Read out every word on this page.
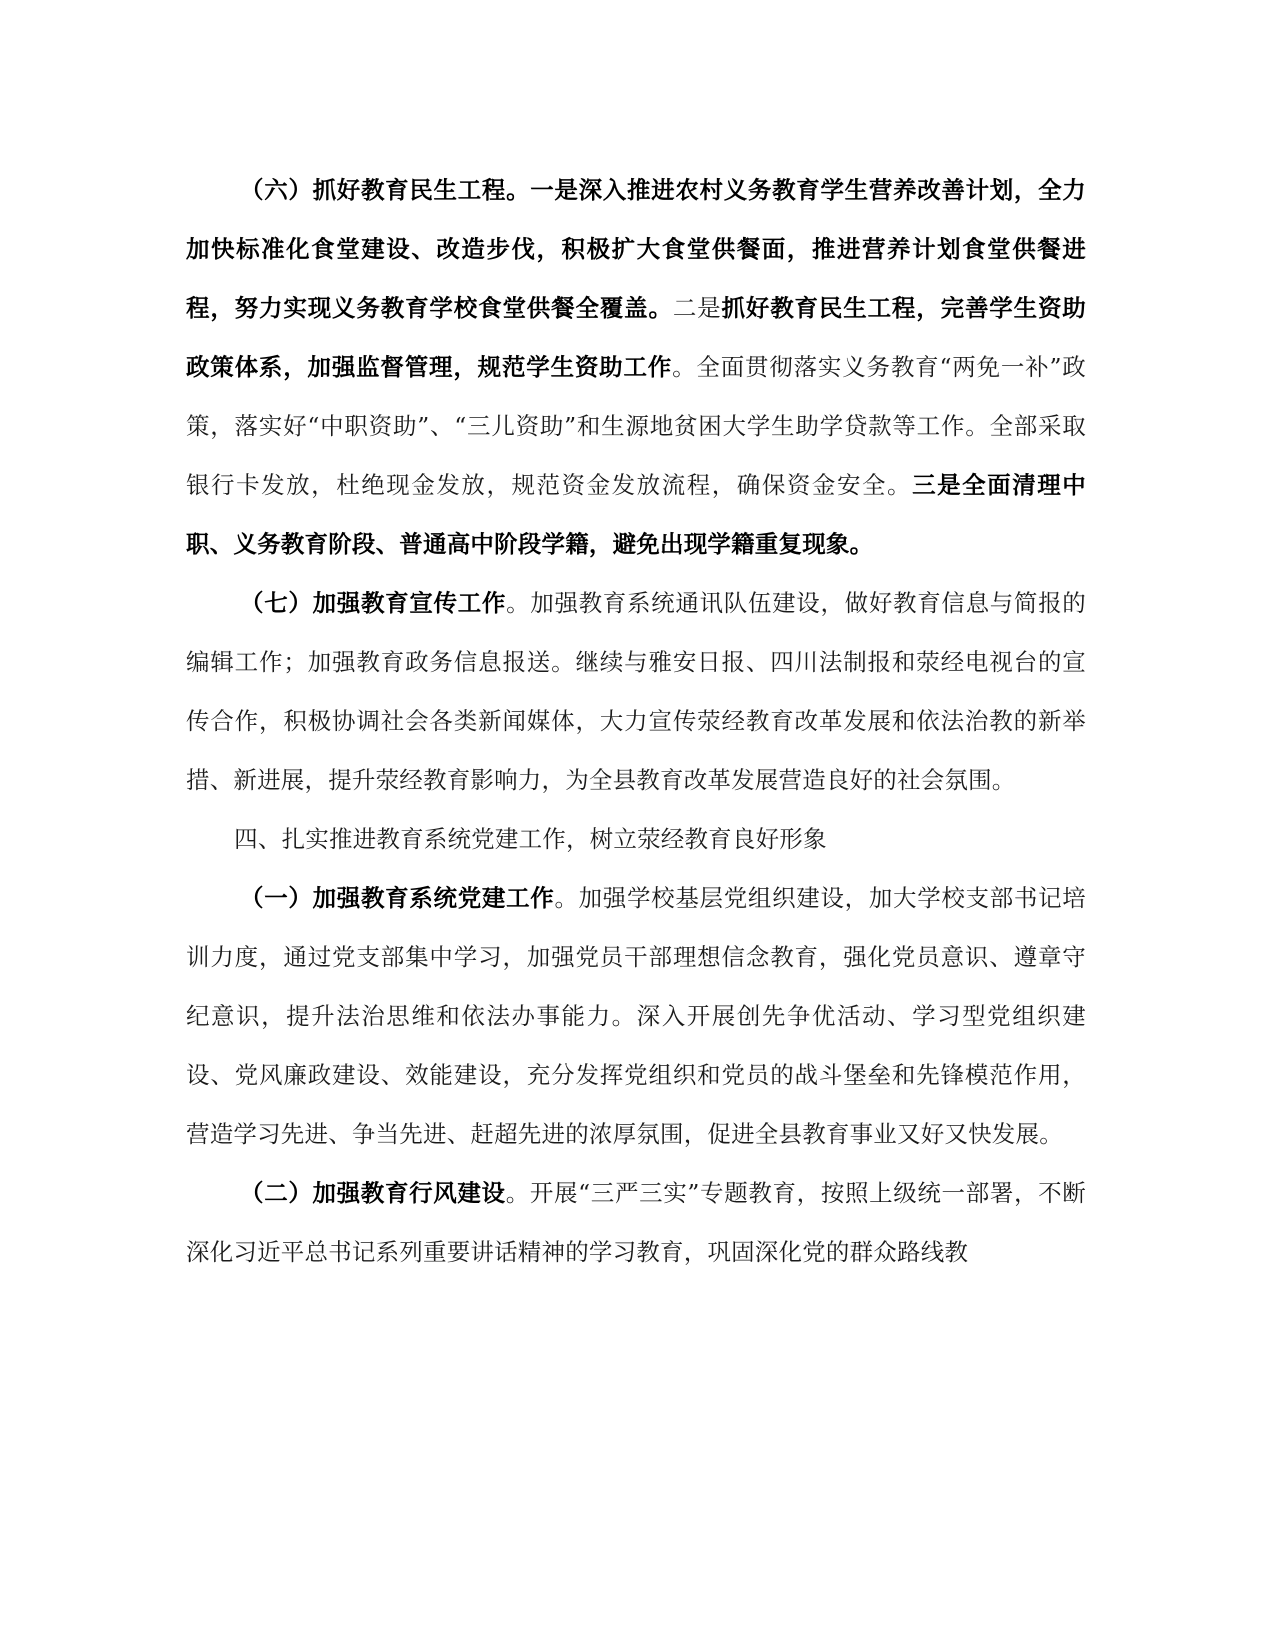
（六）抓好教育民生工程。一是深入推进农村义务教育学生营养改善计划，全力加快标准化食堂建设、改造步伐，积极扩大食堂供餐面，推进营养计划食堂供餐进程，努力实现义务教育学校食堂供餐全覆盖。二是抓好教育民生工程，完善学生资助政策体系，加强监督管理，规范学生资助工作。全面贯彻落实义务教育“两免一补”政策，落实好“中职资助”、“三儿资助”和生源地贫困大学生助学贷款等工作。全部采取银行卡发放，杜绝现金发放，规范资金发放流程，确保资金安全。三是全面清理中职、义务教育阶段、普通高中阶段学籍，避免出现学籍重复现象。

（七）加强教育宣传工作。加强教育系统通讯队伍建设，做好教育信息与简报的编辑工作；加强教育政务信息报送。继续与雅安日报、四川法制报和荥经电视台的宣传合作，积极协调社会各类新闻媒体，大力宣传荥经教育改革发展和依法治教的新举措、新进展，提升荥经教育影响力，为全县教育改革发展营造良好的社会氛围。

四、扎实推进教育系统党建工作，树立荥经教育良好形象

（一）加强教育系统党建工作。加强学校基层党组织建设，加大学校支部书记培训力度，通过党支部集中学习，加强党员干部理想信念教育，强化党员意识、遵章守纪意识，提升法治思维和依法办事能力。深入开展创先争优活动、学习型党组织建设、党风廉政建设、效能建设，充分发挥党组织和党员的战斗堡垒和先锋模范作用，营造学习先进、争当先进、赶超先进的浓厚氛围，促进全县教育事业又好又快发展。

（二）加强教育行风建设。开展“三严三实”专题教育，按照上级统一部署，不断深化习近平总书记系列重要讲话精神的学习教育，巩固深化党的群众路线教
